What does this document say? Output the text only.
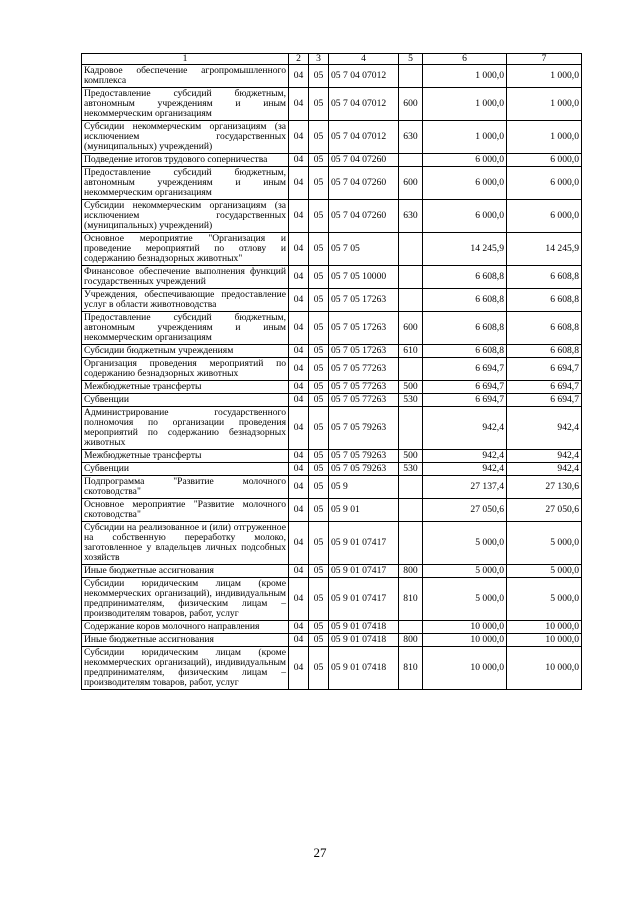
1	2	3	4	5	6	7
Кадровое обеспечение агропромышленного комплекса	04	05	05 7 04 07012		1 000,0	1 000,0
Предоставление субсидий бюджетным, автономным учреждениям и иным некоммерческим организациям	04	05	05 7 04 07012	600	1 000,0	1 000,0
Субсидии некоммерческим организациям (за исключением государственных (муниципальных) учреждений)	04	05	05 7 04 07012	630	1 000,0	1 000,0
Подведение итогов трудового соперничества	04	05	05 7 04 07260		6 000,0	6 000,0
Предоставление субсидий бюджетным, автономным учреждениям и иным некоммерческим организациям	04	05	05 7 04 07260	600	6 000,0	6 000,0
Субсидии некоммерческим организациям (за исключением государственных (муниципальных) учреждений)	04	05	05 7 04 07260	630	6 000,0	6 000,0
Основное мероприятие "Организация и проведение мероприятий по отлову и содержанию безнадзорных животных"	04	05	05 7 05		14 245,9	14 245,9
Финансовое обеспечение выполнения функций государственных учреждений	04	05	05 7 05 10000		6 608,8	6 608,8
Учреждения, обеспечивающие предоставление услуг в области животноводства	04	05	05 7 05 17263		6 608,8	6 608,8
Предоставление субсидий бюджетным, автономным учреждениям и иным некоммерческим организациям	04	05	05 7 05 17263	600	6 608,8	6 608,8
Субсидии бюджетным учреждениям	04	05	05 7 05 17263	610	6 608,8	6 608,8
Организация проведения мероприятий по содержанию безнадзорных животных	04	05	05 7 05 77263		6 694,7	6 694,7
Межбюджетные трансферты	04	05	05 7 05 77263	500	6 694,7	6 694,7
Субвенции	04	05	05 7 05 77263	530	6 694,7	6 694,7
Администрирование государственного полномочия по организации проведения мероприятий по содержанию безнадзорных животных	04	05	05 7 05 79263		942,4	942,4
Межбюджетные трансферты	04	05	05 7 05 79263	500	942,4	942,4
Субвенции	04	05	05 7 05 79263	530	942,4	942,4
Подпрограмма "Развитие молочного скотоводства"	04	05	05 9		27 137,4	27 130,6
Основное мероприятие "Развитие молочного скотоводства"	04	05	05 9 01		27 050,6	27 050,6
Субсидии на реализованное и (или) отгруженное на собственную переработку молоко, заготовленное у владельцев личных подсобных хозяйств	04	05	05 9 01 07417		5 000,0	5 000,0
Иные бюджетные ассигнования	04	05	05 9 01 07417	800	5 000,0	5 000,0
Субсидии юридическим лицам (кроме некоммерческих организаций), индивидуальным предпринимателям, физическим лицам – производителям товаров, работ, услуг	04	05	05 9 01 07417	810	5 000,0	5 000,0
Содержание коров молочного направления	04	05	05 9 01 07418		10 000,0	10 000,0
Иные бюджетные ассигнования	04	05	05 9 01 07418	800	10 000,0	10 000,0
Субсидии юридическим лицам (кроме некоммерческих организаций), индивидуальным предпринимателям, физическим лицам – производителям товаров, работ, услуг	04	05	05 9 01 07418	810	10 000,0	10 000,0
27
